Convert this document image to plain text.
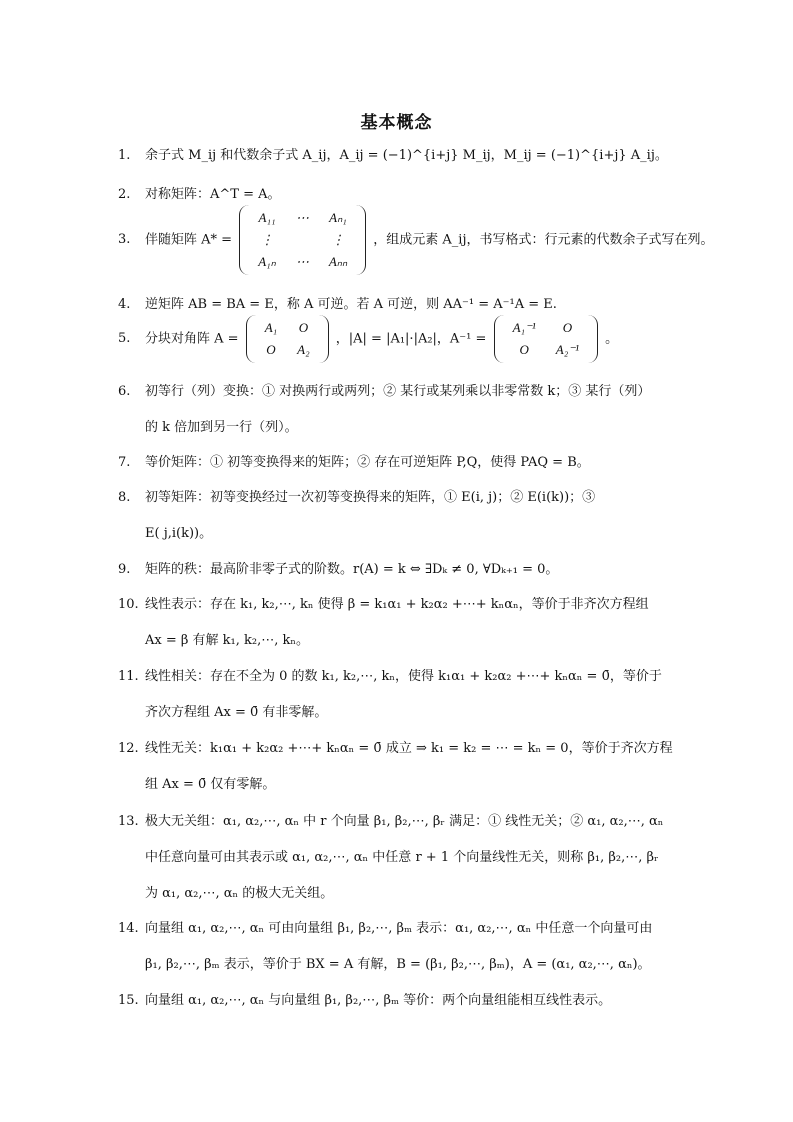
基本概念
1.	余子式 M_ij 和代数余子式 A_ij，A_ij = (−1)^{i+j} M_ij，M_ij = (−1)^{i+j} A_ij。
2.	对称矩阵：A^T = A。
3.	伴随矩阵 A* =
A₁₁	⋯	Aₙ₁
⋮		⋮
A₁ₙ	⋯	Aₙₙ
，组成元素 A_ij，书写格式：行元素的代数余子式写在列。
4.	逆矩阵 AB = BA = E，称 A 可逆。若 A 可逆，则 AA⁻¹ = A⁻¹A = E.
5.	分块对角阵 A =
A₁	O
O	A₂
，|A| = |A₁|·|A₂|，A⁻¹ =
A₁⁻¹	O
O	A₂⁻¹
。
6.	初等行（列）变换：① 对换两行或两列；② 某行或某列乘以非零常数 k；③ 某行（列）
的 k 倍加到另一行（列）。
7.	等价矩阵：① 初等变换得来的矩阵；② 存在可逆矩阵 P,Q，使得 PAQ = B。
8.	初等矩阵：初等变换经过一次初等变换得来的矩阵，① E(i, j)；② E(i(k))；③
E( j,i(k))。
9.	矩阵的秩：最高阶非零子式的阶数。r(A) = k ⇔ ∃Dₖ ≠ 0, ∀Dₖ₊₁ = 0。
10. 线性表示：存在 k₁, k₂,⋯, kₙ 使得 β = k₁α₁ + k₂α₂ +⋯+ kₙαₙ，等价于非齐次方程组
Ax = β 有解 k₁, k₂,⋯, kₙ。
11. 线性相关：存在不全为 0 的数 k₁, k₂,⋯, kₙ，使得 k₁α₁ + k₂α₂ +⋯+ kₙαₙ = 0̄，等价于
齐次方程组 Ax = 0̄ 有非零解。
12. 线性无关：k₁α₁ + k₂α₂ +⋯+ kₙαₙ = 0̄ 成立 ⇒ k₁ = k₂ = ⋯ = kₙ = 0，等价于齐次方程
组 Ax = 0̄ 仅有零解。
13. 极大无关组：α₁, α₂,⋯, αₙ 中 r 个向量 β₁, β₂,⋯, βᵣ 满足：① 线性无关；② α₁, α₂,⋯, αₙ
中任意向量可由其表示或 α₁, α₂,⋯, αₙ 中任意 r + 1 个向量线性无关，则称 β₁, β₂,⋯, βᵣ
为 α₁, α₂,⋯, αₙ 的极大无关组。
14. 向量组 α₁, α₂,⋯, αₙ 可由向量组 β₁, β₂,⋯, βₘ 表示：α₁, α₂,⋯, αₙ 中任意一个向量可由
β₁, β₂,⋯, βₘ 表示，等价于 BX = A 有解，B = (β₁, β₂,⋯, βₘ)，A = (α₁, α₂,⋯, αₙ)。
15. 向量组 α₁, α₂,⋯, αₙ 与向量组 β₁, β₂,⋯, βₘ 等价：两个向量组能相互线性表示。
